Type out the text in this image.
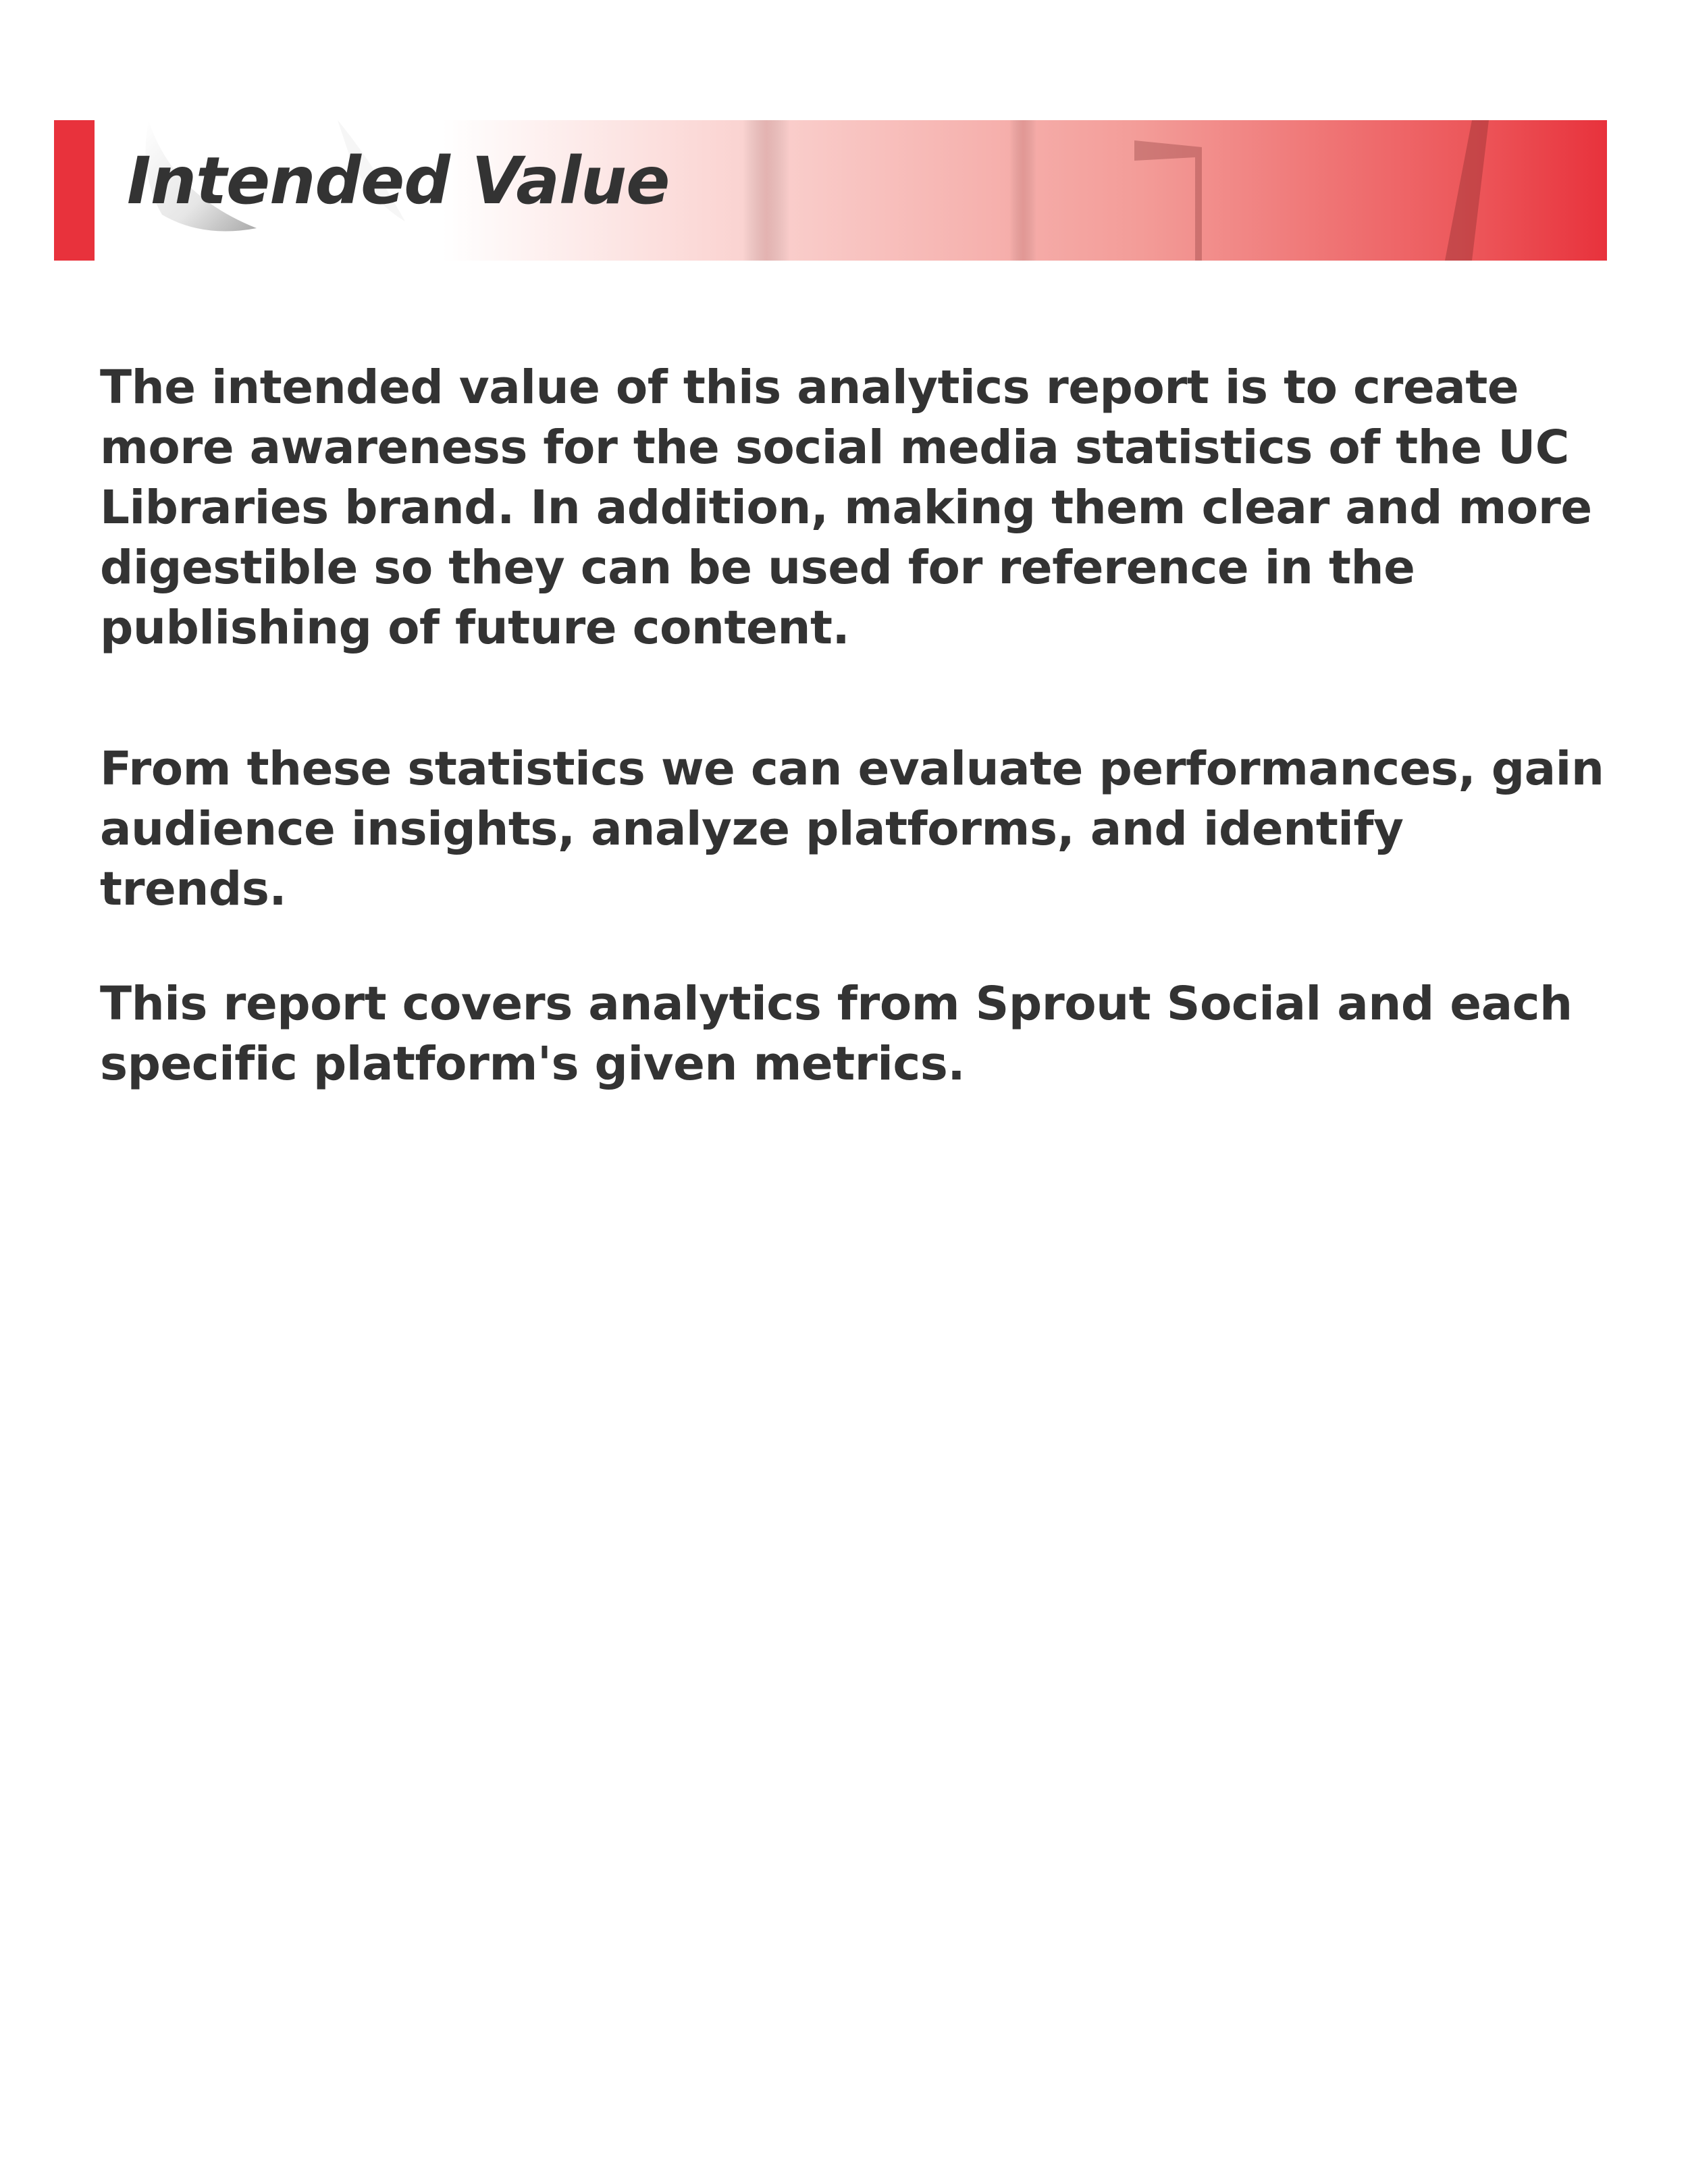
Intended Value

The intended value of this analytics report is to create more awareness for the social media statistics of the UC Libraries brand. In addition, making them clear and more digestible so they can be used for reference in the publishing of future content.

From these statistics we can evaluate performances, gain audience insights, analyze platforms, and identify trends.

This report covers analytics from Sprout Social and each specific platform's given metrics.
